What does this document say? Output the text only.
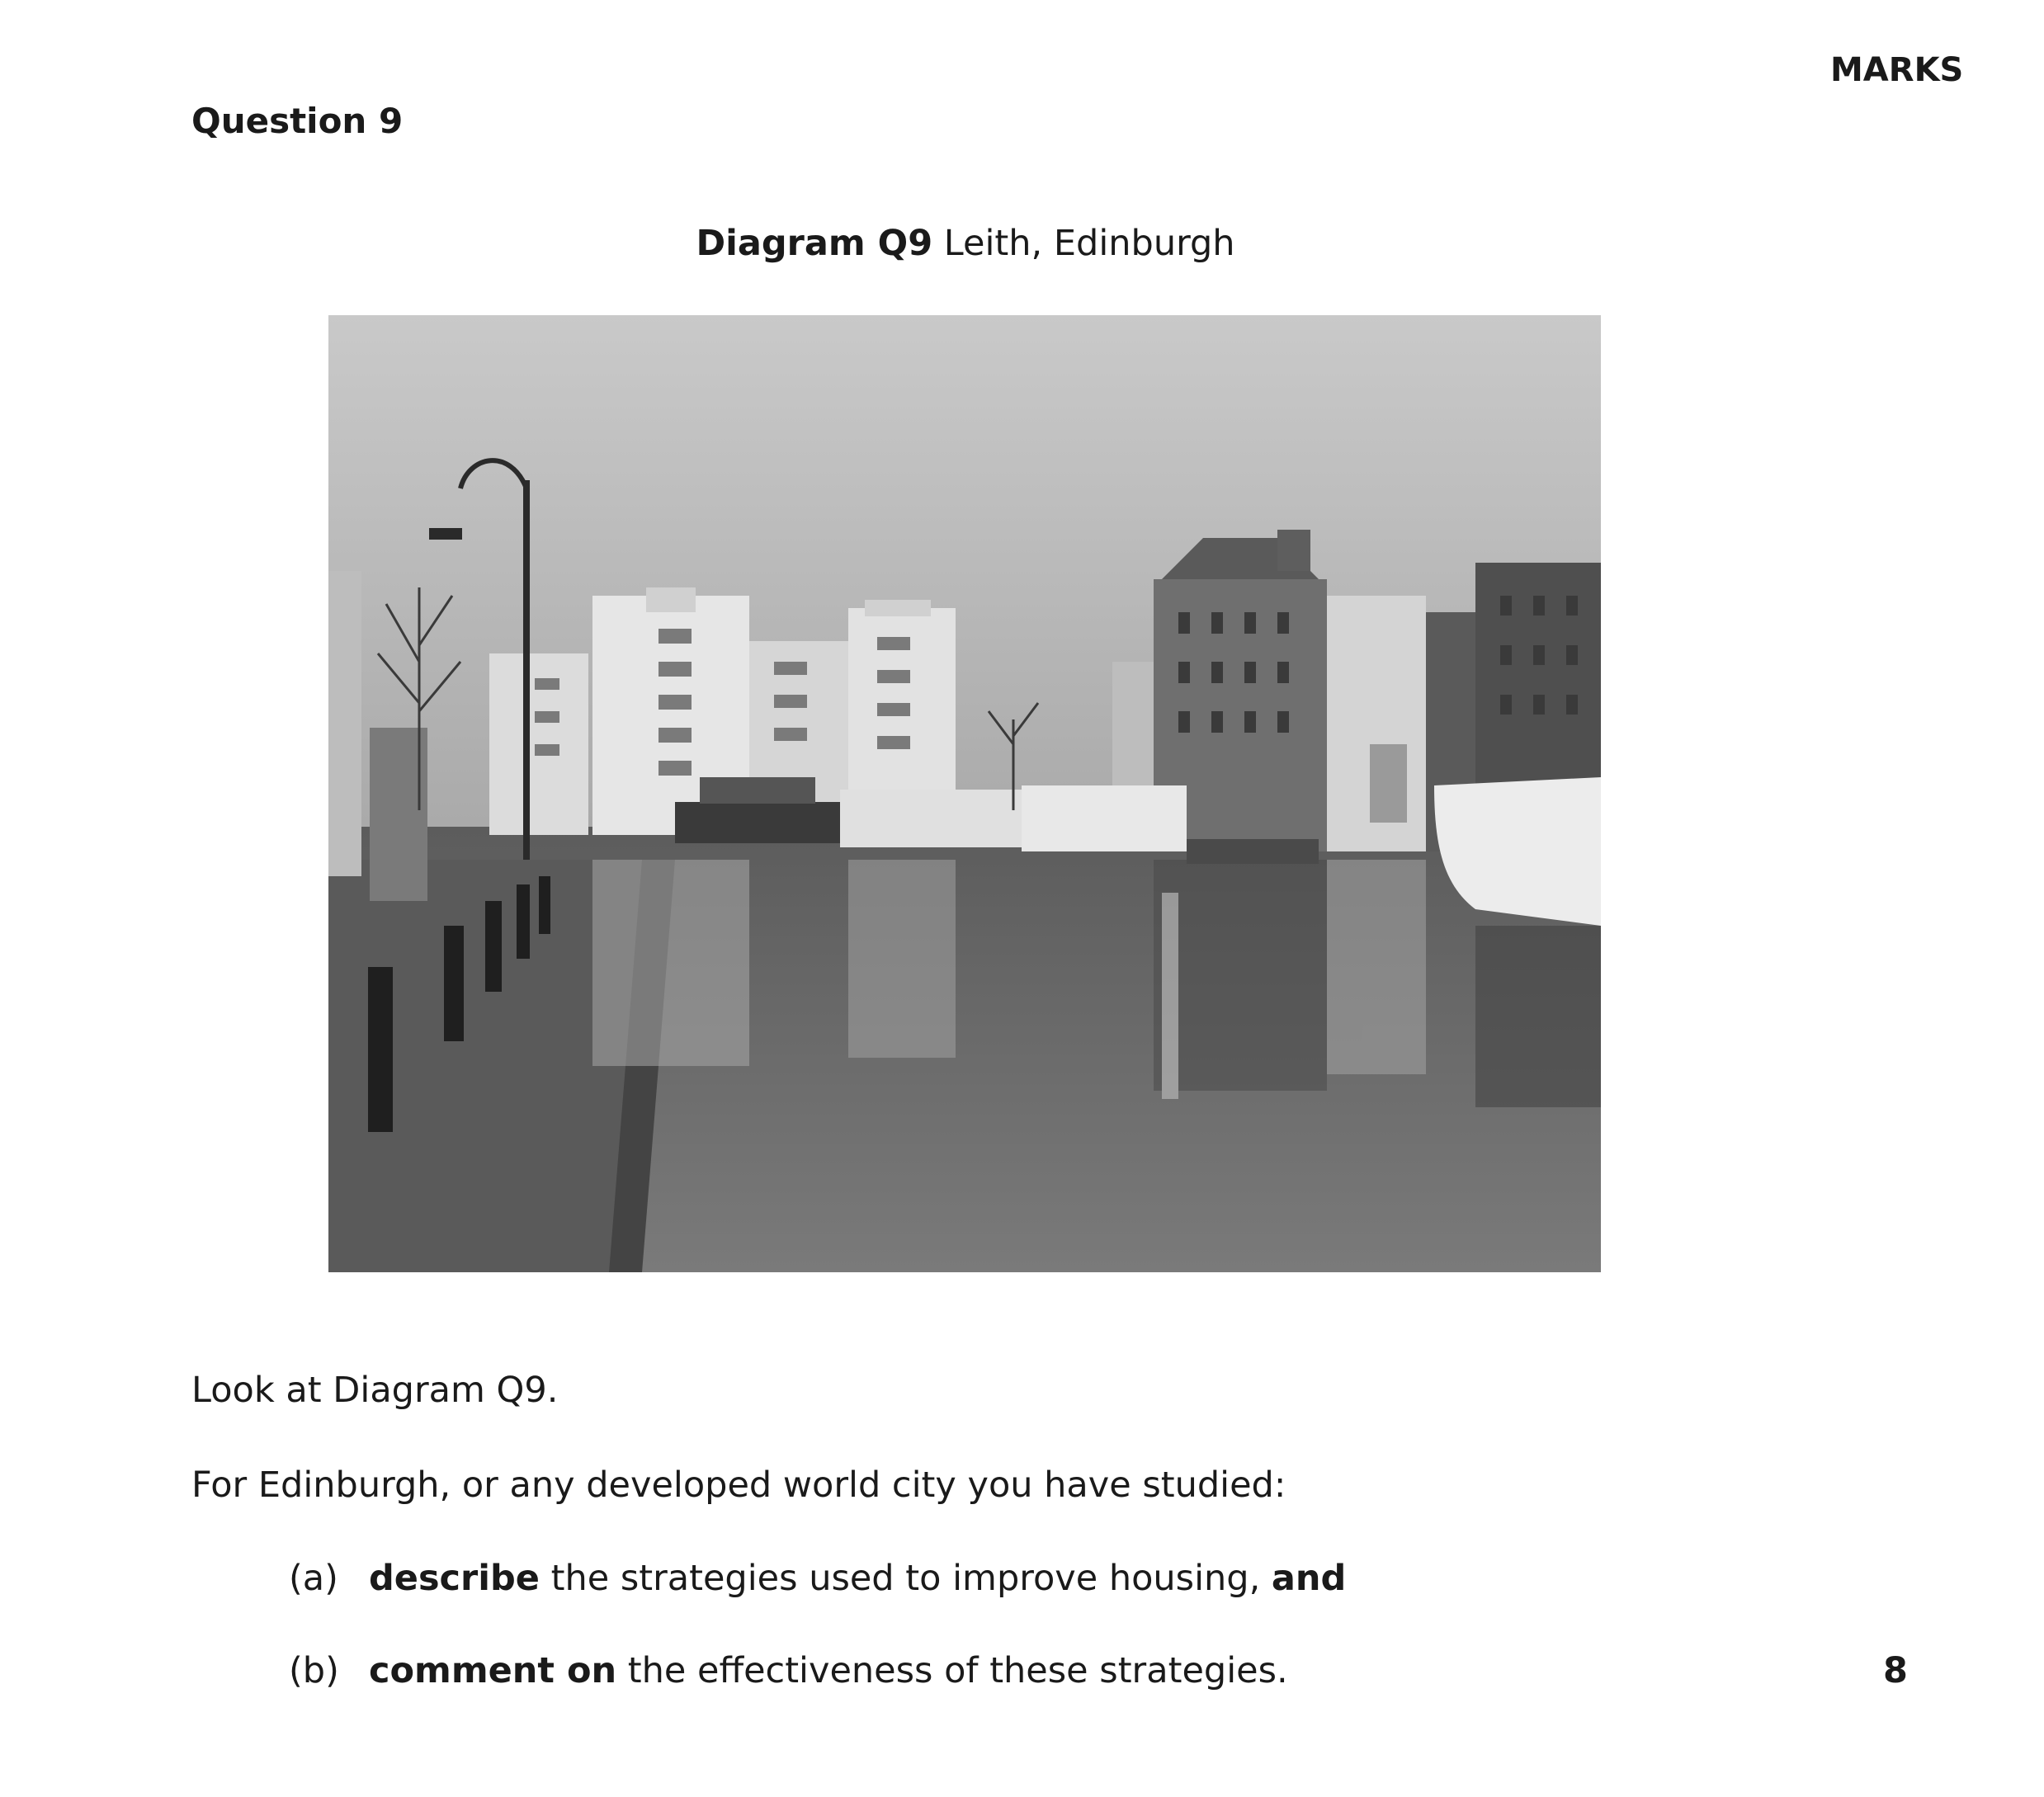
MARKS
Question 9
Diagram Q9 Leith, Edinburgh
Look at Diagram Q9.
For Edinburgh, or any developed world city you have studied:
(a) describe the strategies used to improve housing, and
(b) comment on the effectiveness of these strategies.	8
